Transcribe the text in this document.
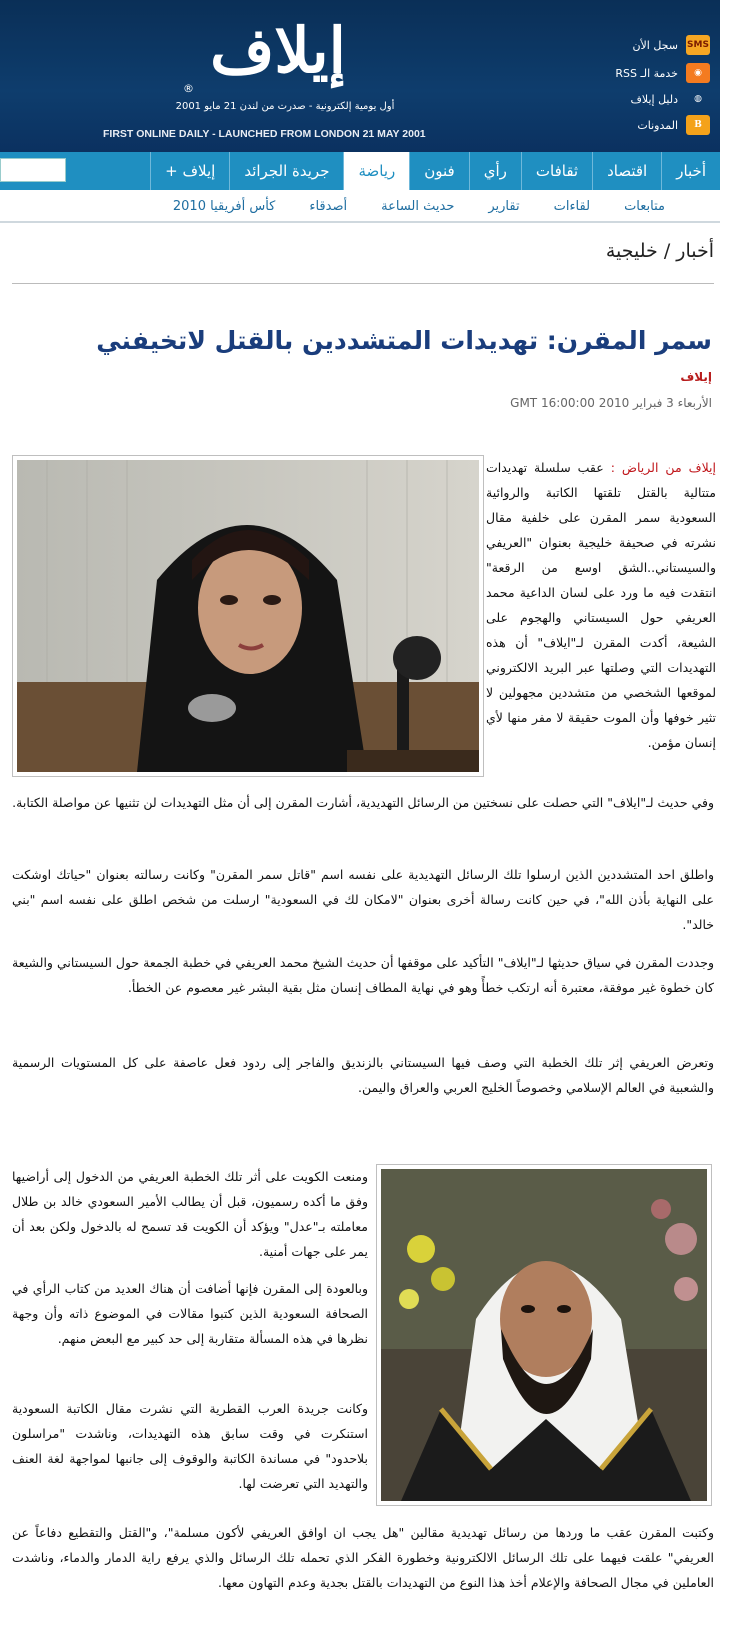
إيلاف
®
أول يومية إلكترونية - صدرت من لندن 21 مايو 2001
FIRST ONLINE DAILY - LAUNCHED FROM LONDON 21 MAY 2001
SMS
سجل الأن
◉
خدمة الـ RSS
◍
دليل إيلاف
B
المدونات
أخبار
اقتصاد
ثقافات
رأي
فنون
رياضة
جريدة الجرائد
إيلاف +
متابعات
لقاءات
تقارير
حديث الساعة
أصدقاء
كأس أفريقيا 2010
أخبار / خليجية
سمر المقرن: تهديدات المتشددين بالقتل لاتخيفني
إيلاف
الأربعاء 3 فبراير 2010 GMT 16:00:00
إيلاف من الرياض : عقب سلسلة تهديدات متتالية بالقتل تلقتها الكاتبة والروائية السعودية سمر المقرن على خلفية مقال نشرته في صحيفة خليجية بعنوان "العريفي والسيستاني..الشق اوسع من الرقعة" انتقدت فيه ما ورد على لسان الداعية محمد العريفي حول السيستاني والهجوم على الشيعة، أكدت المقرن لـ"ايلاف" أن هذه التهديدات التي وصلتها عبر البريد الالكتروني لموقعها الشخصي من متشددين مجهولين لا تثير خوفها وأن الموت حقيقة لا مفر منها لأي إنسان مؤمن.
وفي حديث لـ"ايلاف" التي حصلت على نسختين من الرسائل التهديدية، أشارت المقرن إلى أن مثل التهديدات لن تثنيها عن مواصلة الكتابة.
واطلق احد المتشددين الذين ارسلوا تلك الرسائل التهديدية على نفسه اسم "قاتل سمر المقرن" وكانت رسالته بعنوان "حياتك اوشكت على النهاية بأذن الله"، في حين كانت رسالة أخرى بعنوان "لامكان لك في السعودية" ارسلت من شخص اطلق على نفسه اسم "بني خالد".
وجددت المقرن في سياق حديثها لـ"ايلاف" التأكيد على موقفها أن حديث الشيخ محمد العريفي في خطبة الجمعة حول السيستاني والشيعة كان خطوة غير موفقة، معتبرة أنه ارتكب خطأً وهو في نهاية المطاف إنسان مثل بقية البشر غير معصوم عن الخطأ.
وتعرض العريفي إثر تلك الخطبة التي وصف فيها السيستاني بالزنديق والفاجر إلى ردود فعل عاصفة على كل المستويات الرسمية والشعبية في العالم الإسلامي وخصوصاً الخليج العربي والعراق واليمن.
ومنعت الكويت على أثر تلك الخطبة العريفي من الدخول إلى أراضيها وفق ما أكده رسميون، قبل أن يطالب الأمير السعودي خالد بن طلال معاملته بـ"عدل" ويؤكد أن الكويت قد تسمح له بالدخول ولكن بعد أن يمر على جهات أمنية.
وبالعودة إلى المقرن فإنها أضافت أن هناك العديد من كتاب الرأي في الصحافة السعودية الذين كتبوا مقالات في الموضوع ذاته وأن وجهة نظرها في هذه المسألة متقاربة إلى حد كبير مع البعض منهم.
وكانت جريدة العرب القطرية التي نشرت مقال الكاتبة السعودية استنكرت في وقت سابق هذه التهديدات، وناشدت "مراسلون بلاحدود" في مساندة الكاتبة والوقوف إلى جانبها لمواجهة لغة العنف والتهديد التي تعرضت لها.
وكتبت المقرن عقب ما وردها من رسائل تهديدية مقالين "هل يجب ان اوافق العريفي لأكون مسلمة"، و"القتل والتقطيع دفاعاً عن العريفي" علقت فيهما على تلك الرسائل الالكترونية وخطورة الفكر الذي تحمله تلك الرسائل والذي يرفع راية الدمار والدماء، وناشدت العاملين في مجال الصحافة والإعلام أخذ هذا النوع من التهديدات بالقتل بجدية وعدم التهاون معها.
